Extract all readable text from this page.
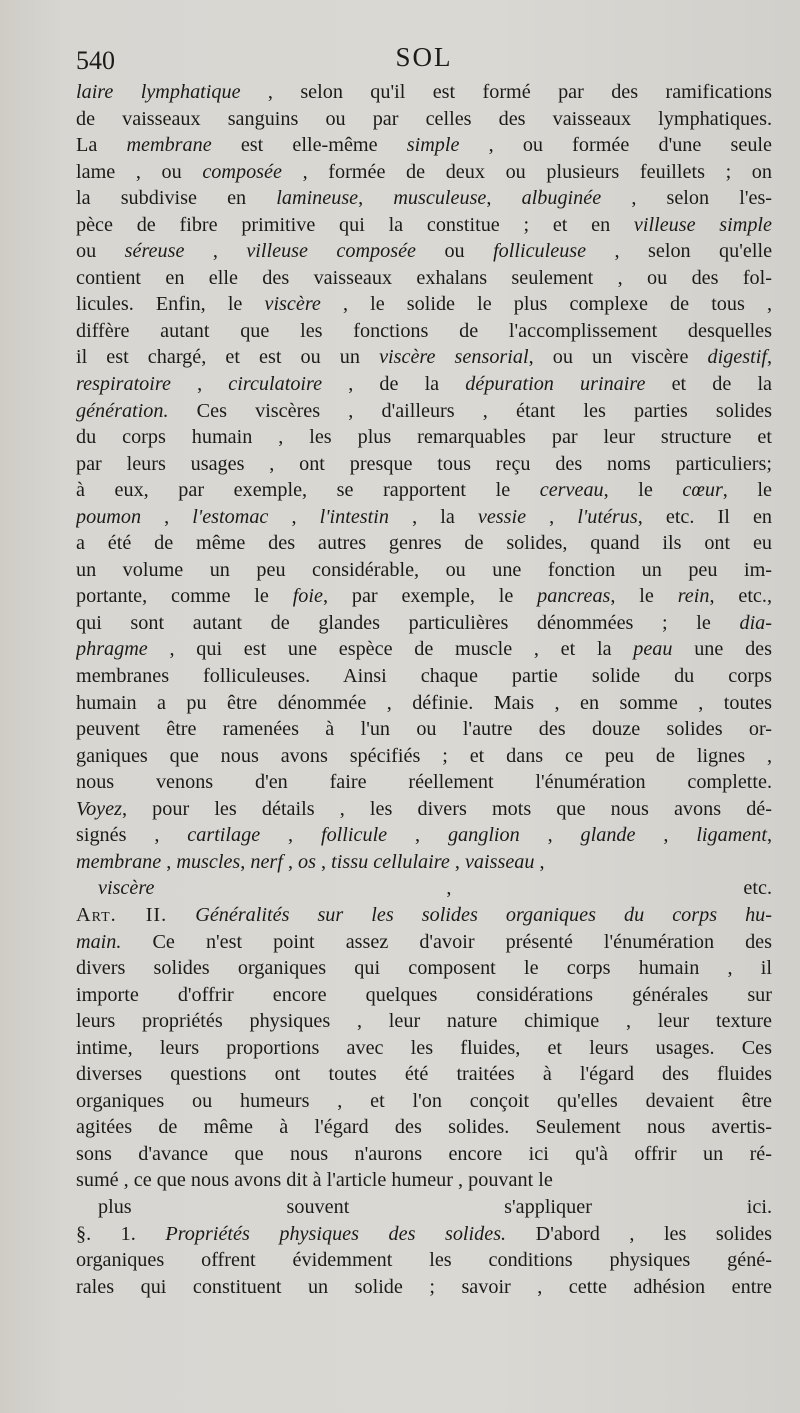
540	SOL
laire lymphatique , selon qu'il est formé par des ramifications
de vaisseaux sanguins ou par celles des vaisseaux lymphatiques.
La membrane est elle-même simple , ou formée d'une seule
lame , ou composée , formée de deux ou plusieurs feuillets ; on
la subdivise en lamineuse, musculeuse, albuginée , selon l'es-
pèce de fibre primitive qui la constitue ; et en villeuse simple
ou séreuse , villeuse composée ou folliculeuse , selon qu'elle
contient en elle des vaisseaux exhalans seulement , ou des fol-
licules. Enfin, le viscère , le solide le plus complexe de tous ,
diffère autant que les fonctions de l'accomplissement desquelles
il est chargé, et est ou un viscère sensorial, ou un viscère digestif,
respiratoire , circulatoire , de la dépuration urinaire et de la
génération. Ces viscères , d'ailleurs , étant les parties solides
du corps humain , les plus remarquables par leur structure et
par leurs usages , ont presque tous reçu des noms particuliers;
à eux, par exemple, se rapportent le cerveau, le cœur, le
poumon , l'estomac , l'intestin , la vessie , l'utérus, etc. Il en
a été de même des autres genres de solides, quand ils ont eu
un volume un peu considérable, ou une fonction un peu im-
portante, comme le foie, par exemple, le pancreas, le rein, etc.,
qui sont autant de glandes particulières dénommées ; le dia-
phragme , qui est une espèce de muscle , et la peau une des
membranes folliculeuses. Ainsi chaque partie solide du corps
humain a pu être dénommée , définie. Mais , en somme , toutes
peuvent être ramenées à l'un ou l'autre des douze solides or-
ganiques que nous avons spécifiés ; et dans ce peu de lignes ,
nous venons d'en faire réellement l'énumération complette.
Voyez, pour les détails , les divers mots que nous avons dé-
signés , cartilage , follicule , ganglion , glande , ligament,
membrane , muscles, nerf , os , tissu cellulaire , vaisseau ,
viscère , etc.
Art. II. Généralités sur les solides organiques du corps hu-
main. Ce n'est point assez d'avoir présenté l'énumération des
divers solides organiques qui composent le corps humain , il
importe d'offrir encore quelques considérations générales sur
leurs propriétés physiques , leur nature chimique , leur texture
intime, leurs proportions avec les fluides, et leurs usages. Ces
diverses questions ont toutes été traitées à l'égard des fluides
organiques ou humeurs , et l'on conçoit qu'elles devaient être
agitées de même à l'égard des solides. Seulement nous avertis-
sons d'avance que nous n'aurons encore ici qu'à offrir un ré-
sumé , ce que nous avons dit à l'article humeur , pouvant le
plus souvent s'appliquer ici.
§. 1. Propriétés physiques des solides. D'abord , les solides
organiques offrent évidemment les conditions physiques géné-
rales qui constituent un solide ; savoir , cette adhésion entre
